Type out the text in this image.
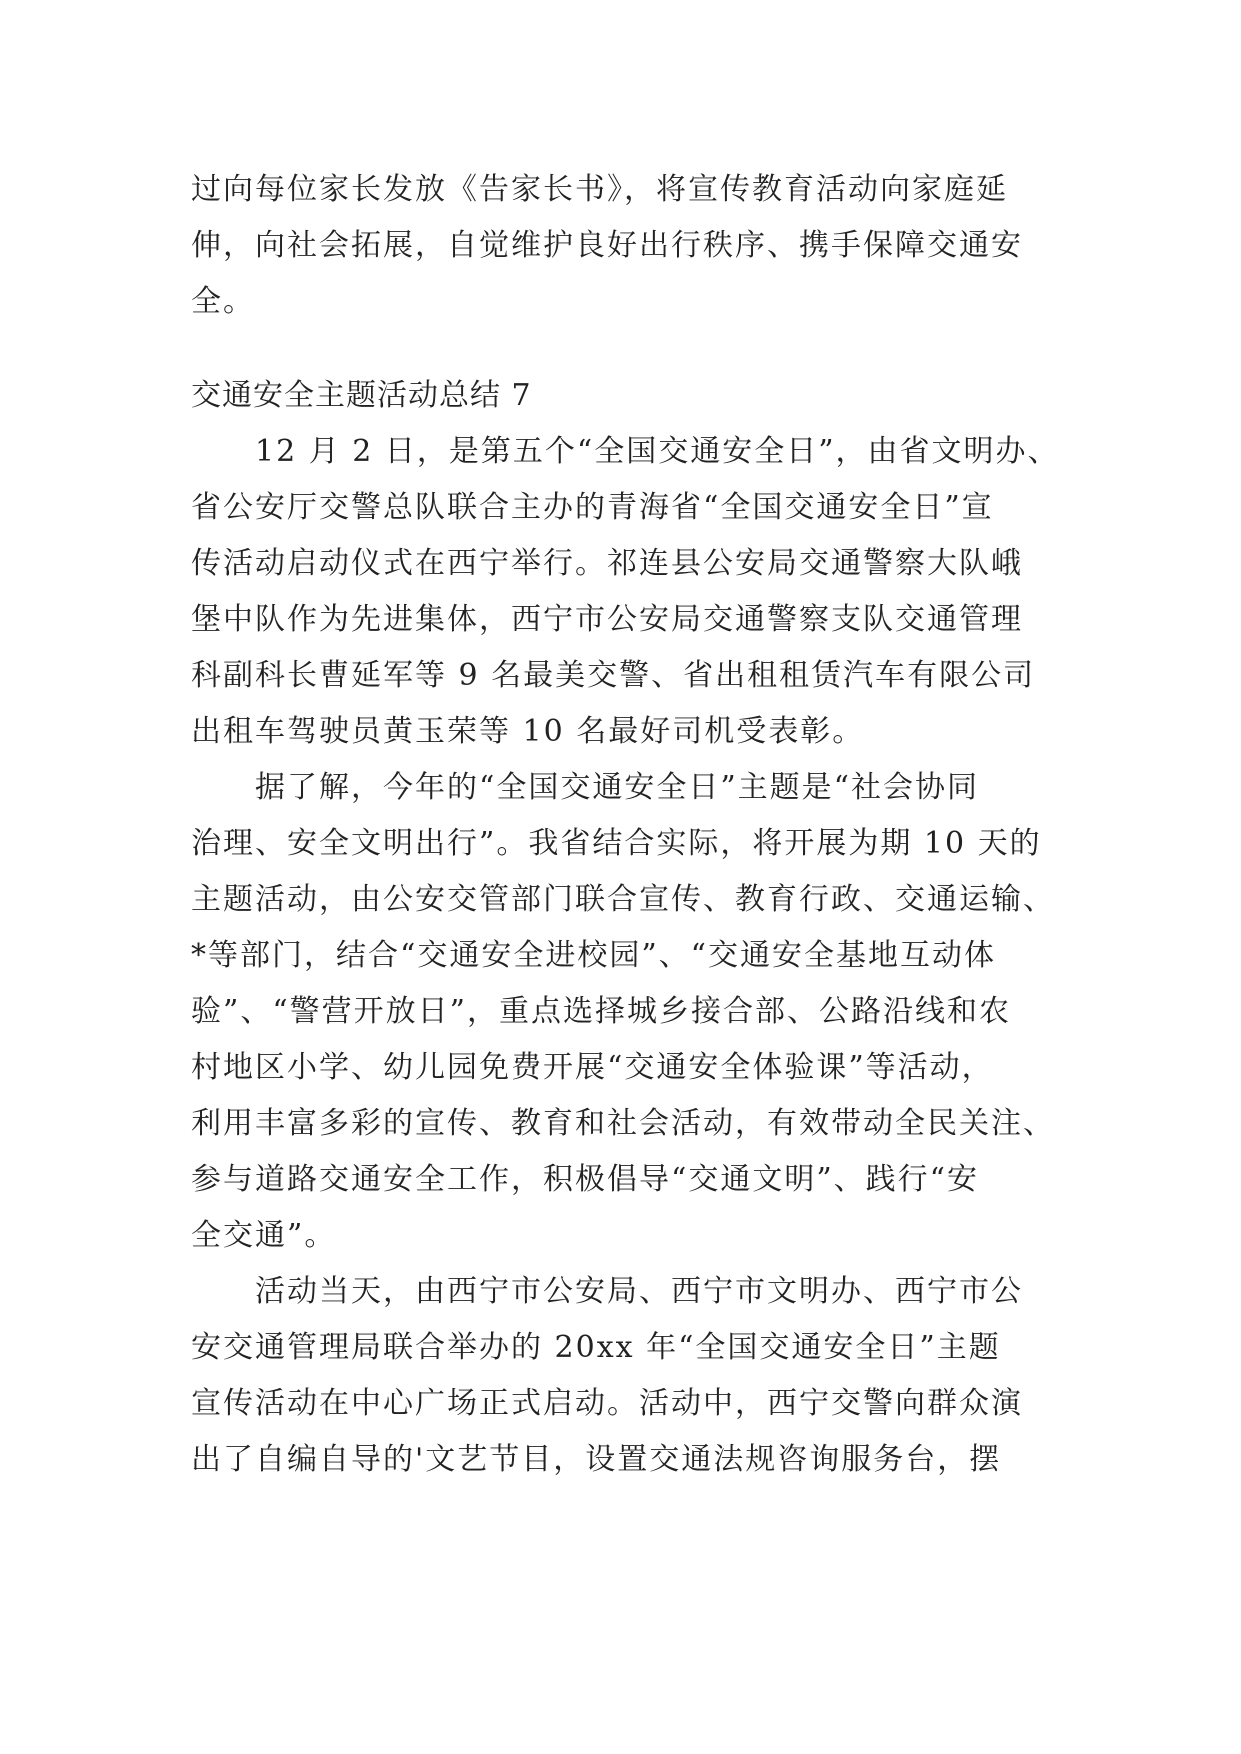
过向每位家长发放《告家长书》，将宣传教育活动向家庭延
伸，向社会拓展，自觉维护良好出行秩序、携手保障交通安
全。
交通安全主题活动总结 7
12 月 2 日，是第五个“全国交通安全日”，由省文明办、
省公安厅交警总队联合主办的青海省“全国交通安全日”宣
传活动启动仪式在西宁举行。祁连县公安局交通警察大队峨
堡中队作为先进集体，西宁市公安局交通警察支队交通管理
科副科长曹延军等 9 名最美交警、省出租租赁汽车有限公司
出租车驾驶员黄玉荣等 10 名最好司机受表彰。
据了解，今年的“全国交通安全日”主题是“社会协同
治理、安全文明出行”。我省结合实际，将开展为期 10 天的
主题活动，由公安交管部门联合宣传、教育行政、交通运输、
*等部门，结合“交通安全进校园”、“交通安全基地互动体
验”、“警营开放日”，重点选择城乡接合部、公路沿线和农
村地区小学、幼儿园免费开展“交通安全体验课”等活动，
利用丰富多彩的宣传、教育和社会活动，有效带动全民关注、
参与道路交通安全工作，积极倡导“交通文明”、践行“安
全交通”。
活动当天，由西宁市公安局、西宁市文明办、西宁市公
安交通管理局联合举办的 20xx 年“全国交通安全日”主题
宣传活动在中心广场正式启动。活动中，西宁交警向群众演
出了自编自导的'文艺节目，设置交通法规咨询服务台，摆
